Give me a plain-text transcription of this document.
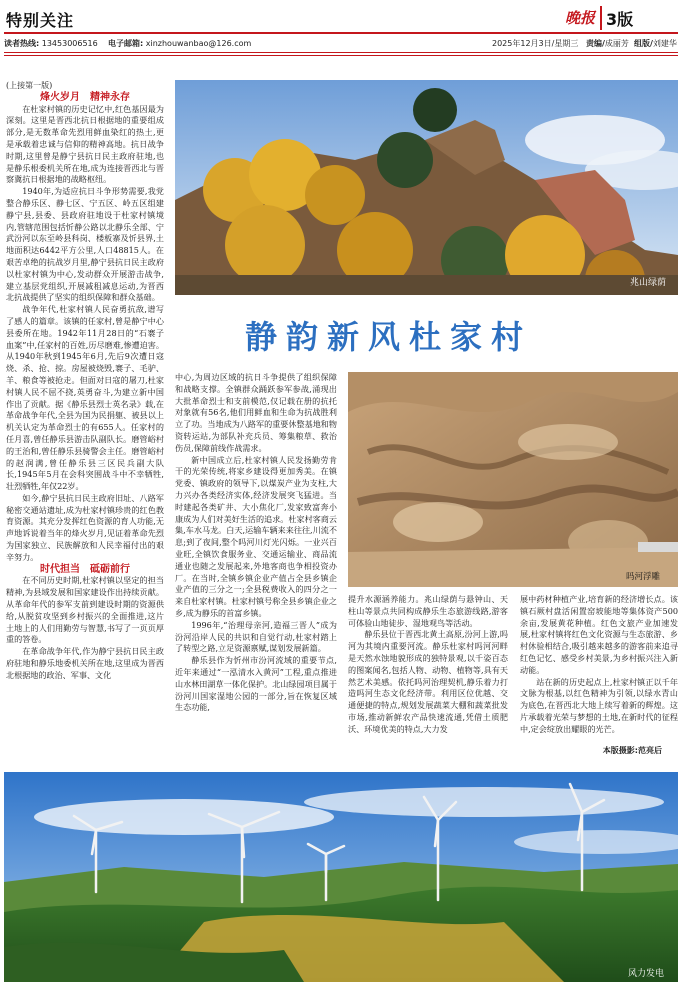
特别关注	晚报 3版
读者热线: 13453006516 电子邮箱: xinzhouwanbao@126.com	2025年12月3日/星期三 责编/成丽芳 组版/刘建华
兆山绿荫
静韵新风杜家村
吗河浮雕
风力发电

(上接第一版)

烽火岁月　精神永存

在杜家村镇的历史记忆中,红色基因最为深刻。这里是晋西北抗日根据地的重要组成部分,是无数革命先烈用鲜血染红的热土,更是承载着忠诚与信仰的精神高地。抗日战争时期,这里曾是静宁县抗日民主政府驻地,也是静乐根委机关所在地,成为连接晋西北与晋察冀抗日根据地的战略枢纽。

1940年,为适应抗日斗争形势需要,我党整合静乐区、静七区、宁五区、岭五区组建静宁县,县委、县政府驻地设于杜家村镇境内,管辖范围包括忻静公路以北静乐全部、宁武汾河以东至岭县科岗、楼板寨及忻县界,土地面积达6442平方公里,人口48815人。在艰苦卓绝的抗战岁月里,静宁县抗日民主政府以杜家村镇为中心,发动群众开展游击战争,建立基层党组织,开展减租减息运动,为晋西北抗战提供了坚实的组织保障和群众基础。

战争年代,杜家村镇人民奋勇抗敌,谱写了感人的篇章。该镇的任家村,曾是静宁中心县委所在地。1942年11月28日的“石褰子血案”中,任家村的百姓,历尽磨难,惨遭迫害。从1940年秋到1945年6月,先后9次遭日寇烧、杀、抢、掠。房屋被烧毁,褰子、毛驴、羊、粮食等被抢走。但面对日寇的屠刀,杜家村镇人民不屈不挠,英勇奋斗,为建立新中国作出了贡献。据《静乐县烈士英名录》载,在革命战争年代,全县为国为民捐躯、被县以上机关认定为革命烈士的有655人。任家村的任月喜,曾任静乐县游击队副队长。磨管峪村的王治和,曾任静乐县骑警会主任。磨管峪村的赵润满,曾任静乐县三区民兵副大队长,1945年5月在会科突围战斗中不幸牺牲,壮烈牺牲,年仅22岁。

如今,静宁县抗日民主政府旧址、八路军秘密交通站遗址,成为杜家村镇珍贵的红色教育资源。其充分发挥红色资源的育人功能,无声地诉说着当年的烽火岁月,见证着革命先烈为国家独立、民族解放和人民幸福付出的艰辛努力。

时代担当　砥砺前行

在不同历史时期,杜家村镇以坚定的担当精神,为县域发展和国家建设作出持续贡献。从革命年代的参军支前到建设时期的资源供给,从脱贫攻坚到乡村振兴的全面推进,这片土地上的人们用勤劳与智慧,书写了一页页厚重的答卷。

在革命战争年代,作为静宁县抗日民主政府驻地和静乐地委机关所在地,这里成为晋西北根据地的政治、军事、文化

中心,为周边区域的抗日斗争提供了组织保障和战略支撑。全镇群众踊跃参军参战,涌现出大批革命烈士和支前模范,仅记载在册的抗托对象就有56名,他们用鲜血和生命为抗战胜利立了功。当地成为八路军的重要休整基地和物资转运站,为部队补充兵员、筹集粮草、救治伤员,保障前线作战需求。

新中国成立后,杜家村镇人民发扬勤劳肯干的光荣传统,将家乡建设得更加秀美。在镇党委、镇政府的领导下,以煤炭产业为支柱,大力兴办各类经济实体,经济发展突飞猛进。当时建起各类矿井、大小焦化厂,发家致富奔小康成为人们对美好生活的追求。杜家村客商云集,车水马龙。白天,运输车辆来来往往,川流不息;到了夜间,整个吗河川灯光闪烁。一业兴百业旺,全镇饮食服务业、交通运输业、商品流通业也随之发展起来,外地客商也争相投资办厂。在当时,全镇乡镇企业产值占全县乡镇企业产值的三分之一;全县税费收入的四分之一来自杜家村镇。杜家村镇号称全县乡镇企业之乡,成为静乐的首富乡镇。

1996年,“治理母亲河,造福三晋人”成为汾河沿岸人民的共识和自觉行动,杜家村踏上了转型之路,立足资源禀赋,谋划发展新篇。

静乐县作为忻州市汾河流域的重要节点,近年来通过“一泓清水入黄河”工程,重点推进山水林田湖草一体化保护。北山绿园项目属于汾河川国家湿地公园的一部分,旨在恢复区域生态功能,

提升水源涵养能力。兆山绿荫与悬钟山、天柱山等景点共同构成静乐生态旅游线路,游客可体验山地徒步、湿地观鸟等活动。

静乐县位于晋西北黄土高原,汾河上游,吗河为其境内重要河流。静乐杜家村吗河河畔是天然水蚀地貌形成的独特景观,以千姿百态的图案闻名,包括人物、动物、植物等,具有天然艺术美感。依托吗河治理契机,静乐着力打造吗河生态文化经济带。利用区位优越、交通便捷的特点,规划发展蔬菜大棚和蔬菜批发市场,推动新鲜农产品快速流通,凭借土质肥沃、环境优美的特点,大力发

展中药材种植产业,培育新的经济增长点。该镇石厥村盘活闲置窑坡能地等集体资产500余亩,发展黄花种植。红色文旅产业加速发展,杜家村镇将红色文化资源与生态旅游、乡村休验相结合,吸引越来越多的游客前来追寻红色记忆、感受乡村美景,为乡村振兴注入新动能。

站在新的历史起点上,杜家村镇正以千年文脉为根基,以红色精神为引领,以绿水青山为底色,在晋西北大地上续写着新的辉煌。这片承载着光荣与梦想的土地,在新时代的征程中,定会绽放出耀眼的光芒。

本版摄影:范亮后
